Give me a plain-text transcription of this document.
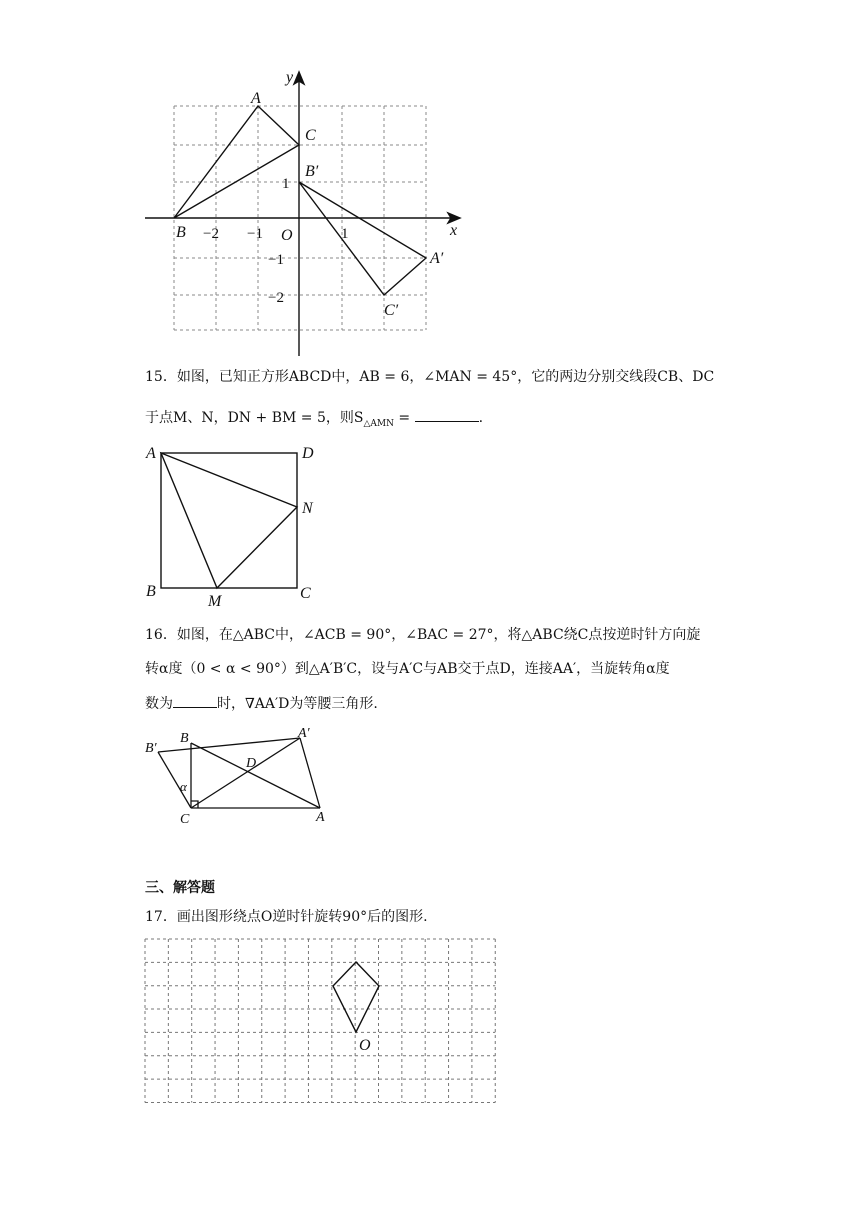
y
x
O
−2 −1	1
1
−1
−2
A
B
C
B′
A′
C′
15．如图，已知正方形ABCD中，AB = 6，∠MAN = 45°，它的两边分别交线段CB、DC
于点M、N，DN + BM = 5，则$S_{\triangle AMN}$ =	.
A	D
N
B
M	C
16．如图，在△ABC中，∠ACB = 90°，∠BAC = 27°，将△ABC绕C点按逆时针方向旋
转α度（0 < α < 90°）到△A′B′C，设与A′C与AB交于点D，连接AA′，当旋转角α度
数为	时，∇AA′D为等腰三角形.
B′
B	A′
D
α
C	A
三、解答题
17．画出图形绕点O逆时针旋转90°后的图形.
O
